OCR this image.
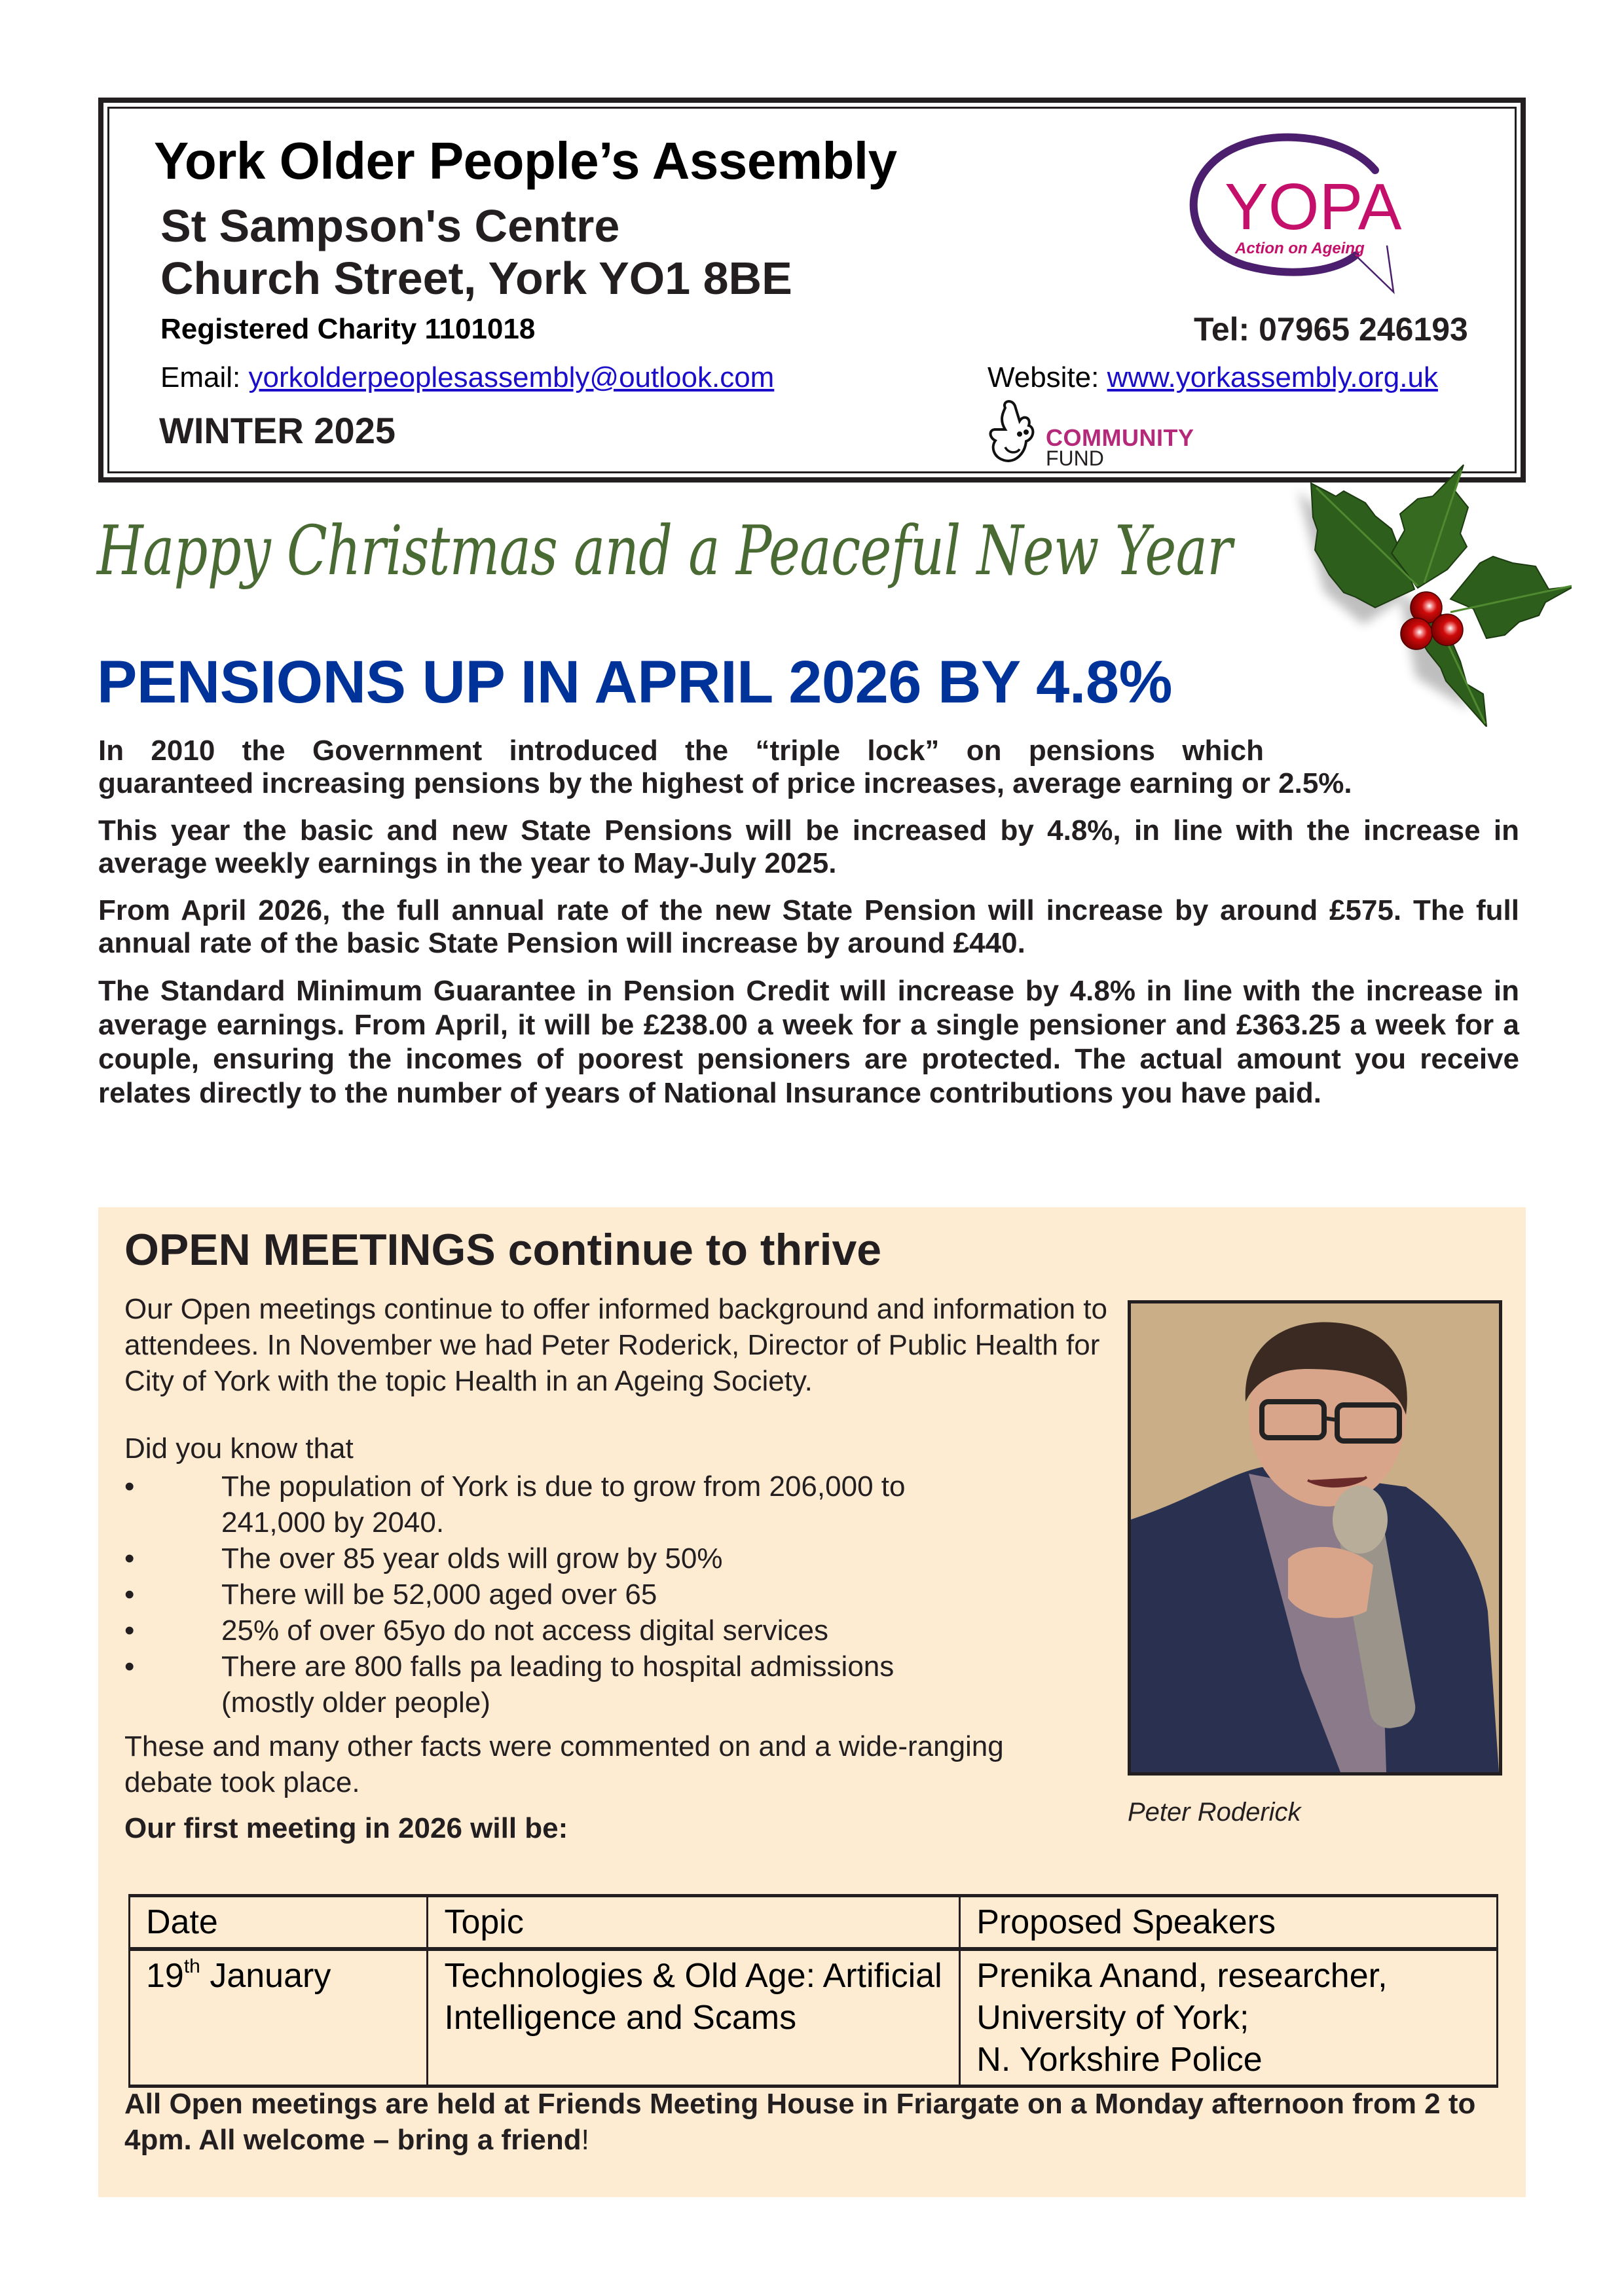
York Older People’s Assembly
St Sampson's Centre
Church Street, York YO1 8BE
Registered Charity 1101018
Email: yorkolderpeoplesassembly@outlook.com
WINTER 2025
Tel: 07965 246193
Website: www.yorkassembly.org.uk
YOPA
Action on Ageing
COMMUNITY
FUND
Happy Christmas and a Peaceful New Year
PENSIONS UP IN APRIL 2026 BY 4.8%

In 2010 the Government introduced the “triple lock” on pensions which

guaranteed increasing pensions by the highest of price increases, average earning or 2.5%.

This year the basic and new State Pensions will be increased by 4.8%, in line with the increase in average weekly earnings in the year to May-July 2025.

From April 2026, the full annual rate of the new State Pension will increase by around £575. The full annual rate of the basic State Pension will increase by around £440.

The Standard Minimum Guarantee in Pension Credit will increase by 4.8% in line with the increase in average earnings. From April, it will be £238.00 a week for a single pensioner and £363.25 a week for a couple, ensuring the incomes of poorest pensioners are protected. The actual amount you receive relates directly to the number of years of National Insurance contributions you have paid.

OPEN MEETINGS continue to thrive
Our Open meetings continue to offer informed background and information to attendees. In November we had Peter Roderick, Director of Public Health for City of York with the topic Health in an Ageing Society.
Did you know that
•	The population of York is due to grow from 206,000 to 241,000 by 2040.
•	The over 85 year olds will grow by 50%
•	There will be 52,000 aged over 65
•	25% of over 65yo do not access digital services
•	There are 800 falls pa leading to hospital admissions (mostly older people)
These and many other facts were commented on and a wide-ranging debate took place.
Our first meeting in 2026 will be:	Peter Roderick
Date	Topic	Proposed Speakers
19th January	Technologies & Old Age: Artificial Intelligence and Scams	Prenika Anand, researcher,
University of York;
N. Yorkshire Police
All Open meetings are held at Friends Meeting House in Friargate on a Monday afternoon from 2 to 4pm. All welcome – bring a friend!
